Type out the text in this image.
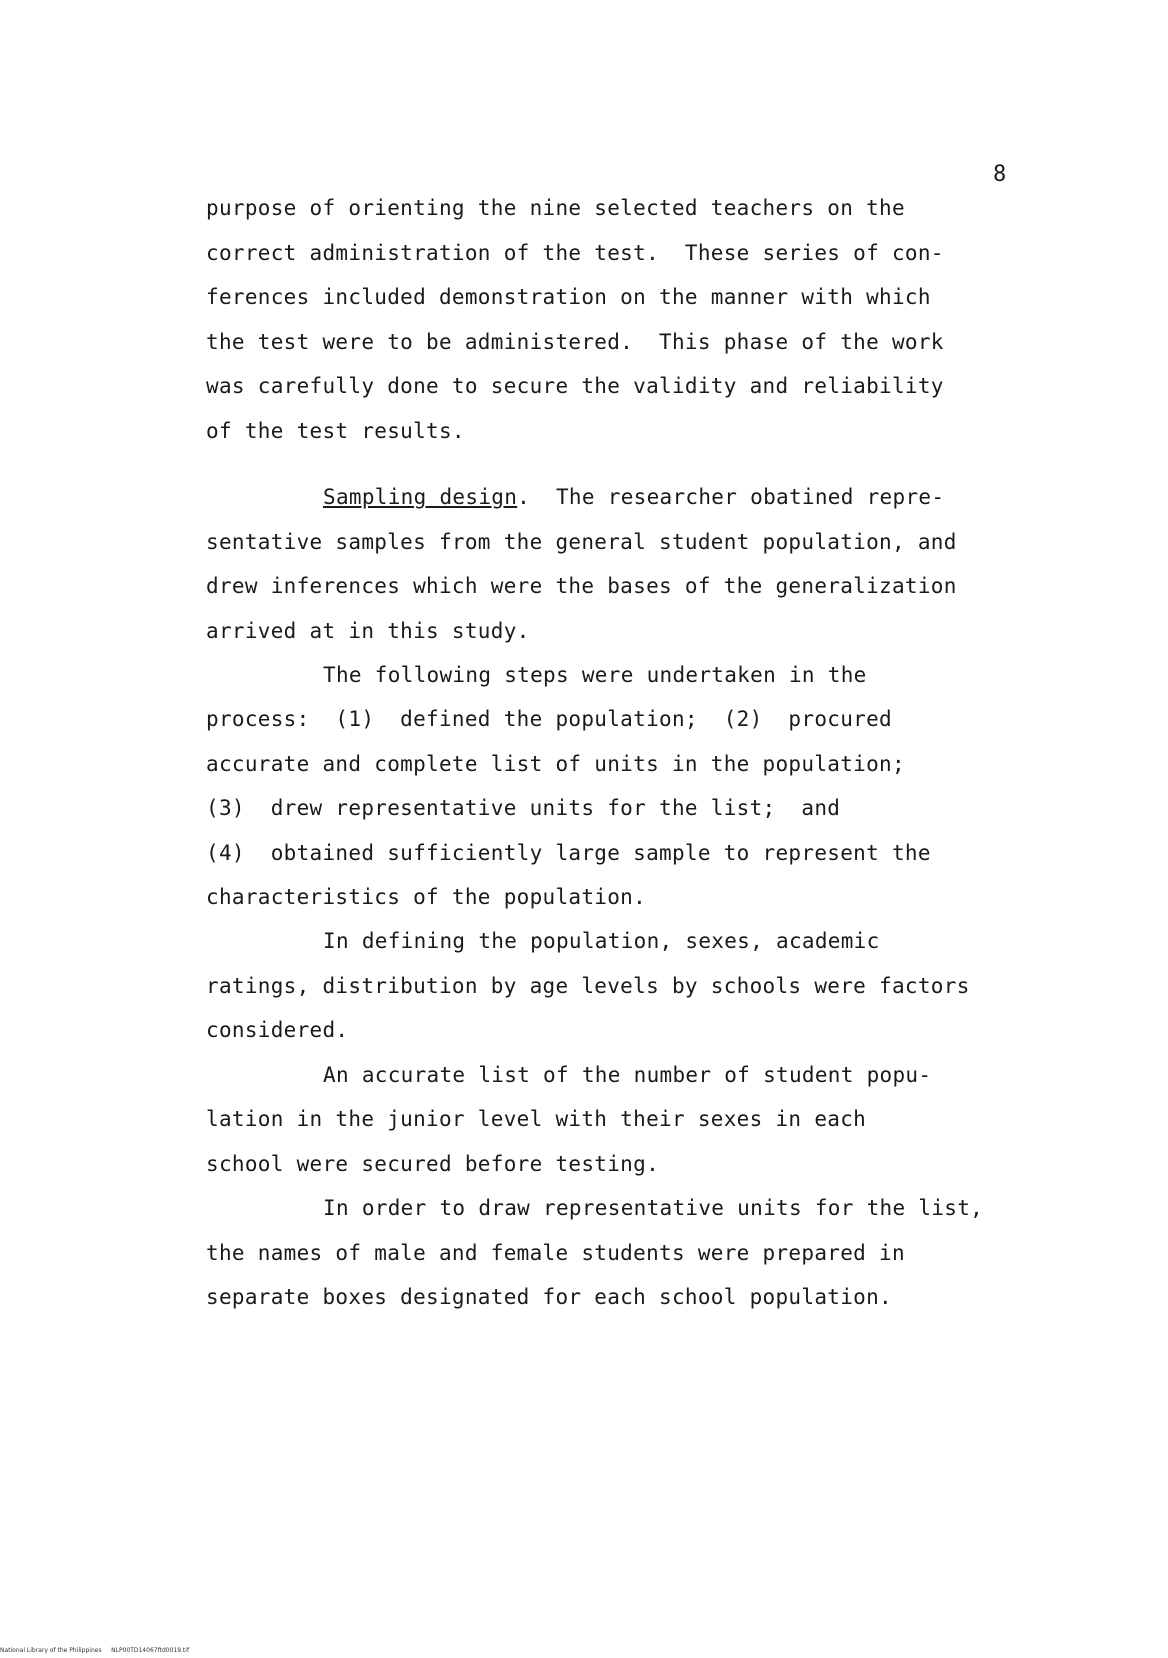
8
purpose of orienting the nine selected teachers on the
correct administration of the test.  These series of con-
ferences included demonstration on the manner with which
the test were to be administered.  This phase of the work
was carefully done to secure the validity and reliability
of the test results.
Sampling design.  The researcher obatined repre-
sentative samples from the general student population, and
drew inferences which were the bases of the generalization
arrived at in this study.
The following steps were undertaken in the
process:  (1)  defined the population;  (2)  procured
accurate and complete list of units in the population;
(3)  drew representative units for the list;  and
(4)  obtained sufficiently large sample to represent the
characteristics of the population.
In defining the population, sexes, academic
ratings, distribution by age levels by schools were factors
considered.
An accurate list of the number of student popu-
lation in the junior level with their sexes in each
school were secured before testing.
In order to draw representative units for the list,
the names of male and female students were prepared in
separate boxes designated for each school population.
National Library of the Philippines NLP00TD14067ftd0019.tif
